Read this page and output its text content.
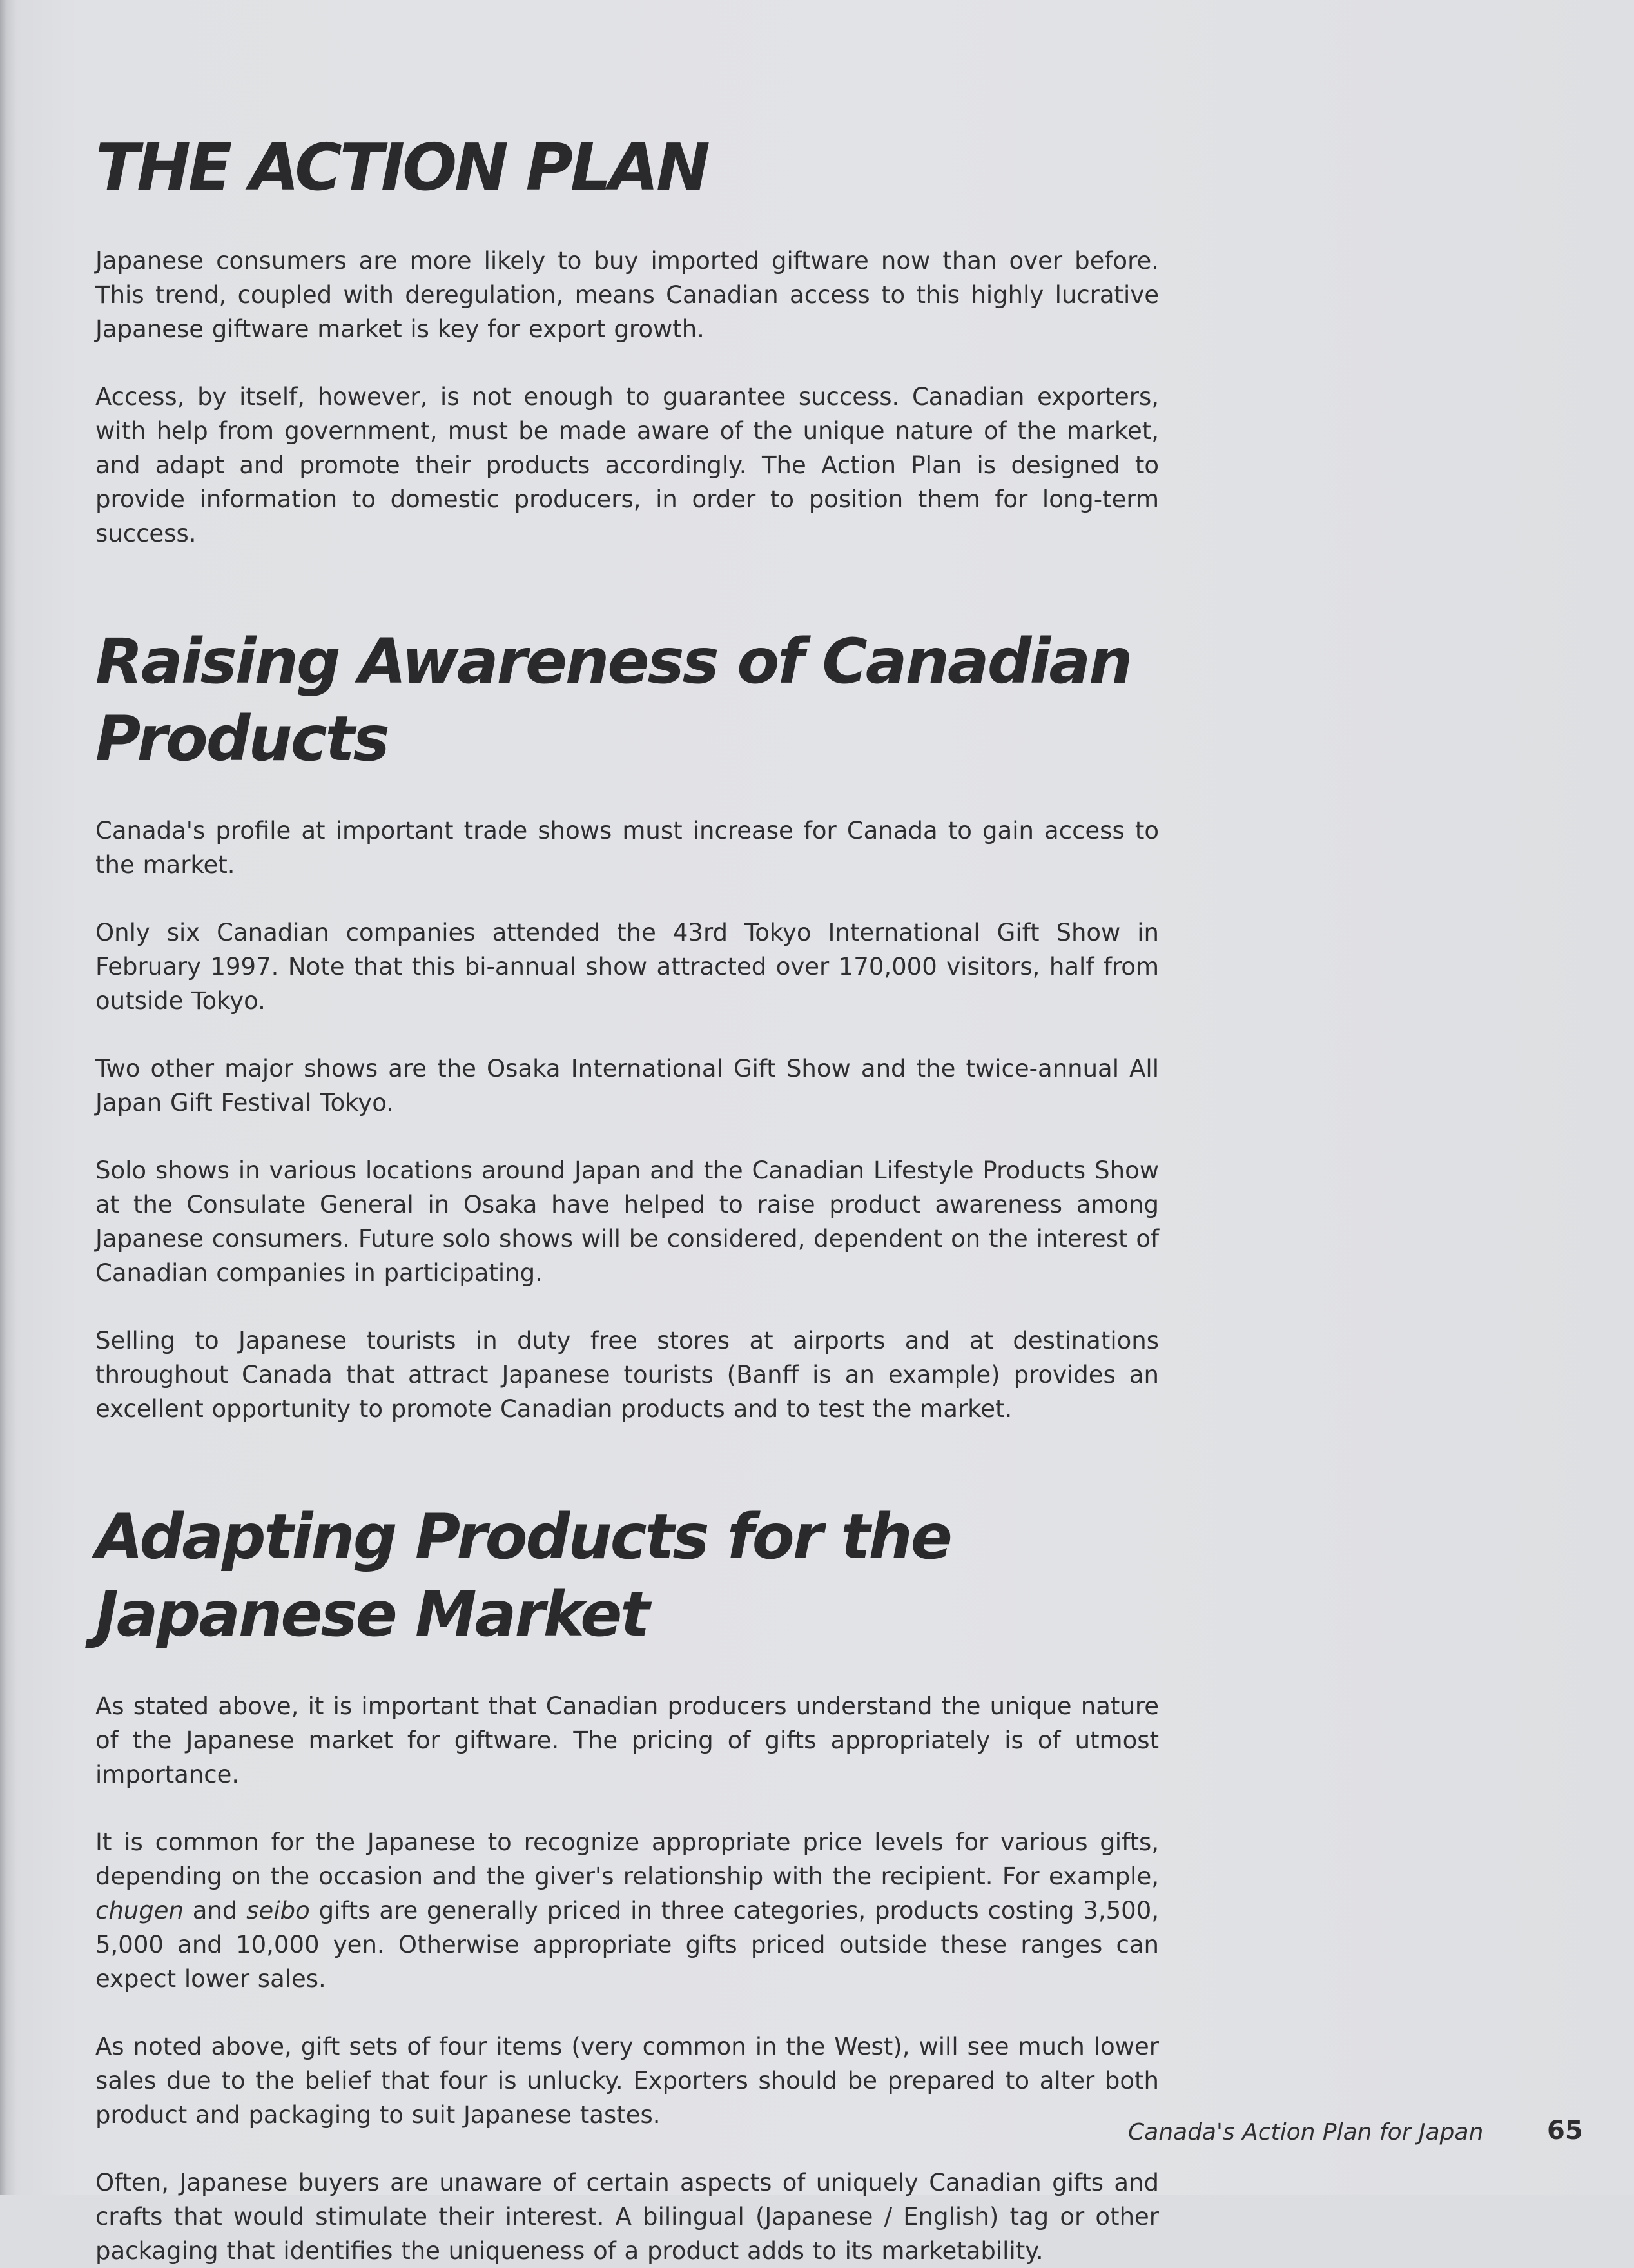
THE ACTION PLAN

Japanese consumers are more likely to buy imported giftware now than over before. This trend, coupled with deregulation, means Canadian access to this highly lucrative Japanese giftware market is key for export growth.

Access, by itself, however, is not enough to guarantee success. Canadian exporters, with help from government, must be made aware of the unique nature of the market, and adapt and promote their products accordingly. The Action Plan is designed to provide information to domestic producers, in order to position them for long-term success.

Raising Awareness of Canadian Products

Canada's profile at important trade shows must increase for Canada to gain access to the market.

Only six Canadian companies attended the 43rd Tokyo International Gift Show in February 1997. Note that this bi-annual show attracted over 170,000 visitors, half from outside Tokyo.

Two other major shows are the Osaka International Gift Show and the twice-annual All Japan Gift Festival Tokyo.

Solo shows in various locations around Japan and the Canadian Lifestyle Products Show at the Consulate General in Osaka have helped to raise product awareness among Japanese consumers. Future solo shows will be considered, dependent on the interest of Canadian companies in participating.

Selling to Japanese tourists in duty free stores at airports and at destinations throughout Canada that attract Japanese tourists (Banff is an example) provides an excellent opportunity to promote Canadian products and to test the market.

Adapting Products for the Japanese Market

As stated above, it is important that Canadian producers understand the unique nature of the Japanese market for giftware. The pricing of gifts appropriately is of utmost importance.

It is common for the Japanese to recognize appropriate price levels for various gifts, depending on the occasion and the giver's relationship with the recipient. For example, chugen and seibo gifts are generally priced in three categories, products costing 3,500, 5,000 and 10,000 yen. Otherwise appropriate gifts priced outside these ranges can expect lower sales.

As noted above, gift sets of four items (very common in the West), will see much lower sales due to the belief that four is unlucky. Exporters should be prepared to alter both product and packaging to suit Japanese tastes.

Often, Japanese buyers are unaware of certain aspects of uniquely Canadian gifts and crafts that would stimulate their interest. A bilingual (Japanese / English) tag or other packaging that identifies the uniqueness of a product adds to its marketability.

Canada's Action Plan for Japan 65
